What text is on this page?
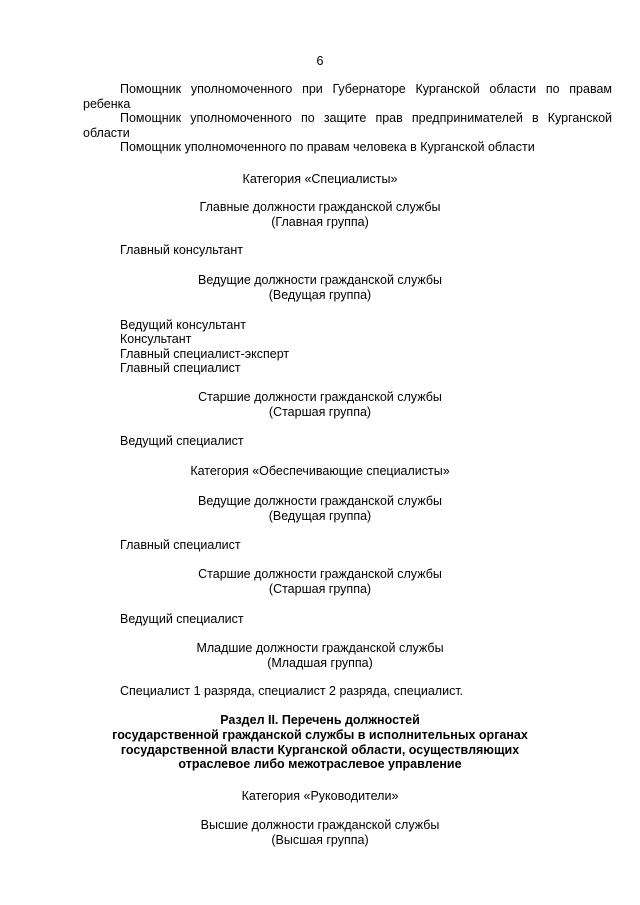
6
Помощник уполномоченного при Губернаторе Курганской области по правам ребенка
Помощник уполномоченного по защите прав предпринимателей в Курганской области
Помощник уполномоченного по правам человека в Курганской области
Категория «Специалисты»
Главные должности гражданской службы
(Главная группа)
Главный консультант
Ведущие должности гражданской службы
(Ведущая группа)
Ведущий консультант
Консультант
Главный специалист-эксперт
Главный специалист
Старшие должности гражданской службы
(Старшая группа)
Ведущий специалист
Категория «Обеспечивающие специалисты»
Ведущие должности гражданской службы
(Ведущая группа)
Главный специалист
Старшие должности гражданской службы
(Старшая группа)
Ведущий специалист
Младшие должности гражданской службы
(Младшая группа)
Специалист 1 разряда, специалист 2 разряда, специалист.
Раздел II. Перечень должностей
государственной гражданской службы в исполнительных органах
государственной власти Курганской области, осуществляющих
отраслевое либо межотраслевое управление
Категория «Руководители»
Высшие должности гражданской службы
(Высшая группа)
